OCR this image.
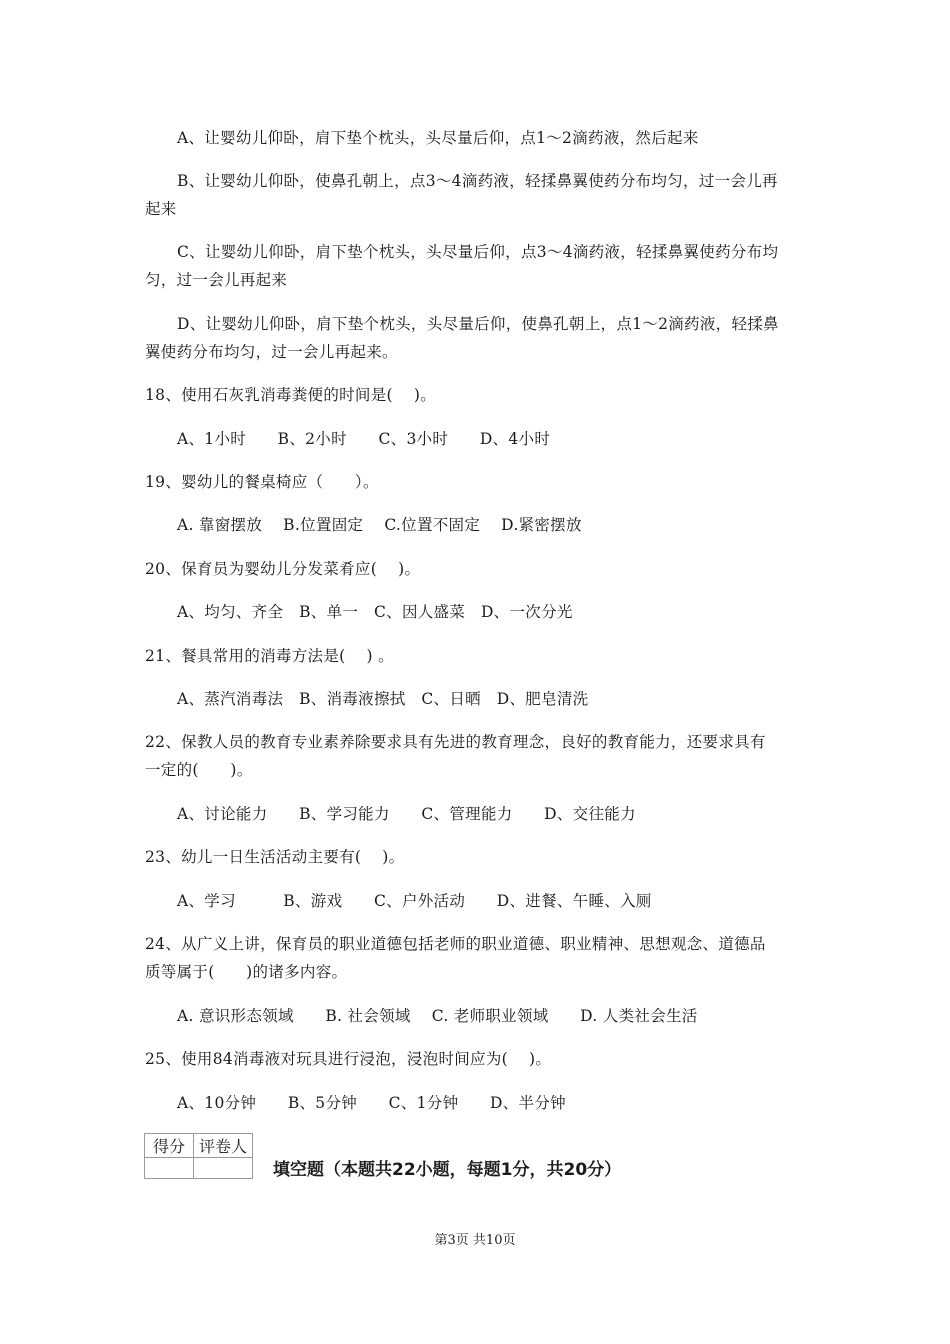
A、让婴幼儿仰卧，肩下垫个枕头，头尽量后仰，点1～2滴药液，然后起来
B、让婴幼儿仰卧，使鼻孔朝上，点3～4滴药液，轻揉鼻翼使药分布均匀，过一会儿再
起来
C、让婴幼儿仰卧，肩下垫个枕头，头尽量后仰，点3～4滴药液，轻揉鼻翼使药分布均
匀，过一会儿再起来
D、让婴幼儿仰卧，肩下垫个枕头，头尽量后仰，使鼻孔朝上，点1～2滴药液，轻揉鼻
翼使药分布均匀，过一会儿再起来。
18、使用石灰乳消毒粪便的时间是(　 )。
A、1小时　　B、2小时　　C、3小时　　D、4小时
19、婴幼儿的餐桌椅应（　　）。
A. 靠窗摆放　 B.位置固定　 C.位置不固定　 D.紧密摆放
20、保育员为婴幼儿分发菜肴应(　 )。
A、均匀、齐全　B、单一　C、因人盛菜　D、一次分光
21、餐具常用的消毒方法是(　 ) 。
A、蒸汽消毒法　B、消毒液擦拭　C、日晒　D、肥皂清洗
22、保教人员的教育专业素养除要求具有先进的教育理念，良好的教育能力，还要求具有
一定的(　　)。
A、讨论能力　　B、学习能力　　C、管理能力　　D、交往能力
23、幼儿一日生活活动主要有(　 )。
A、学习　　　B、游戏　　C、户外活动　　D、进餐、午睡、入厕
24、从广义上讲，保育员的职业道德包括老师的职业道德、职业精神、思想观念、道德品
质等属于(　　)的诸多内容。
A. 意识形态领域　　B. 社会领域　 C. 老师职业领域　　D. 人类社会生活
25、使用84消毒液对玩具进行浸泡，浸泡时间应为(　 )。
A、10分钟　　B、5分钟　　C、1分钟　　D、半分钟
得分	评卷人

填空题（本题共22小题，每题1分，共20分）
第3页 共10页
